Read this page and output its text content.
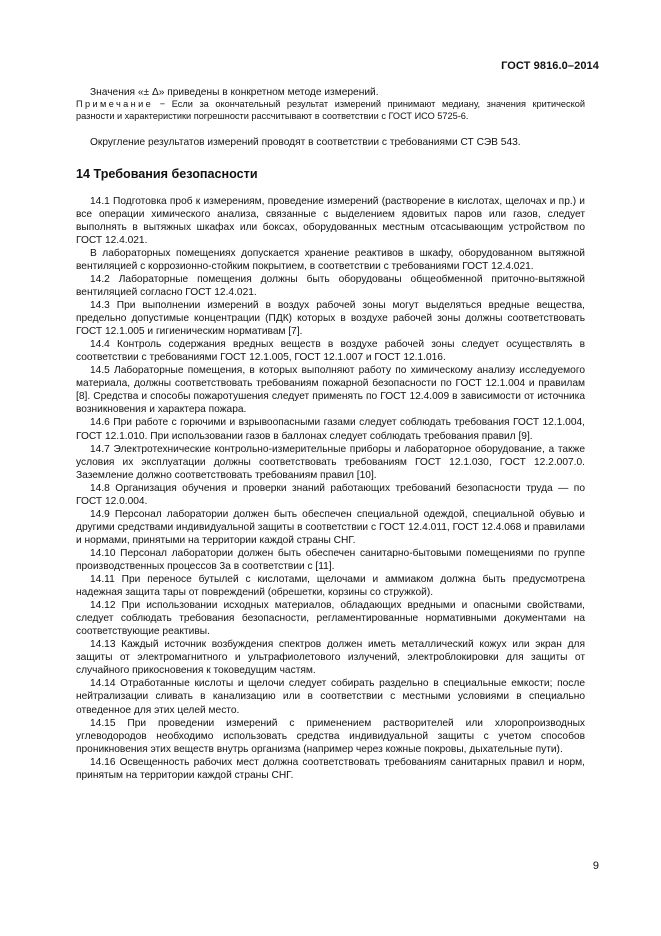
ГОСТ 9816.0–2014

Значения «± Δ» приведены в конкретном методе измерений.

Примечание − Если за окончательный результат измерений принимают медиану, значения критической разности и характеристики погрешности рассчитывают в соответствии с ГОСТ ИСО 5725-6.

Округление результатов измерений проводят в соответствии с требованиями СТ СЭВ 543.

14 Требования безопасности

14.1 Подготовка проб к измерениям, проведение измерений (растворение в кислотах, щелочах и пр.) и все операции химического анализа, связанные с выделением ядовитых паров или газов, следует выполнять в вытяжных шкафах или боксах, оборудованных местным отсасывающим устройством по ГОСТ 12.4.021.

В лабораторных помещениях допускается хранение реактивов в шкафу, оборудованном вытяжной вентиляцией с коррозионно-стойким покрытием, в соответствии с требованиями ГОСТ 12.4.021.

14.2 Лабораторные помещения должны быть оборудованы общеобменной приточно-вытяжной вентиляцией согласно ГОСТ 12.4.021.

14.3 При выполнении измерений в воздух рабочей зоны могут выделяться вредные вещества, предельно допустимые концентрации (ПДК) которых в воздухе рабочей зоны должны соответствовать ГОСТ 12.1.005 и гигиеническим нормативам [7].

14.4 Контроль содержания вредных веществ в воздухе рабочей зоны следует осуществлять в соответствии с требованиями ГОСТ 12.1.005, ГОСТ 12.1.007 и ГОСТ 12.1.016.

14.5 Лабораторные помещения, в которых выполняют работу по химическому анализу исследуемого материала, должны соответствовать требованиям пожарной безопасности по ГОСТ 12.1.004 и правилам [8]. Средства и способы пожаротушения следует применять по ГОСТ 12.4.009 в зависимости от источника возникновения и характера пожара.

14.6 При работе с горючими и взрывоопасными газами следует соблюдать требования ГОСТ 12.1.004, ГОСТ 12.1.010. При использовании газов в баллонах следует соблюдать требования правил [9].

14.7 Электротехнические контрольно-измерительные приборы и лабораторное оборудование, а также условия их эксплуатации должны соответствовать требованиям ГОСТ 12.1.030, ГОСТ 12.2.007.0. Заземление должно соответствовать требованиям правил [10].

14.8 Организация обучения и проверки знаний работающих требований безопасности труда — по ГОСТ 12.0.004.

14.9 Персонал лаборатории должен быть обеспечен специальной одеждой, специальной обувью и другими средствами индивидуальной защиты в соответствии с ГОСТ 12.4.011, ГОСТ 12.4.068 и правилами и нормами, принятыми на территории каждой страны СНГ.

14.10 Персонал лаборатории должен быть обеспечен санитарно-бытовыми помещениями по группе производственных процессов 3а в соответствии с [11].

14.11 При переносе бутылей с кислотами, щелочами и аммиаком должна быть предусмотрена надежная защита тары от повреждений (обрешетки, корзины со стружкой).

14.12 При использовании исходных материалов, обладающих вредными и опасными свойствами, следует соблюдать требования безопасности, регламентированные нормативными документами на соответствующие реактивы.

14.13 Каждый источник возбуждения спектров должен иметь металлический кожух или экран для защиты от электромагнитного и ультрафиолетового излучений, электроблокировки для защиты от случайного прикосновения к токоведущим частям.

14.14 Отработанные кислоты и щелочи следует собирать раздельно в специальные емкости; после нейтрализации сливать в канализацию или в соответствии с местными условиями в специально отведенное для этих целей место.

14.15 При проведении измерений с применением растворителей или хлоропроизводных углеводородов необходимо использовать средства индивидуальной защиты с учетом способов проникновения этих веществ внутрь организма (например через кожные покровы, дыхательные пути).

14.16 Освещенность рабочих мест должна соответствовать требованиям санитарных правил и норм, принятым на территории каждой страны СНГ.

9
